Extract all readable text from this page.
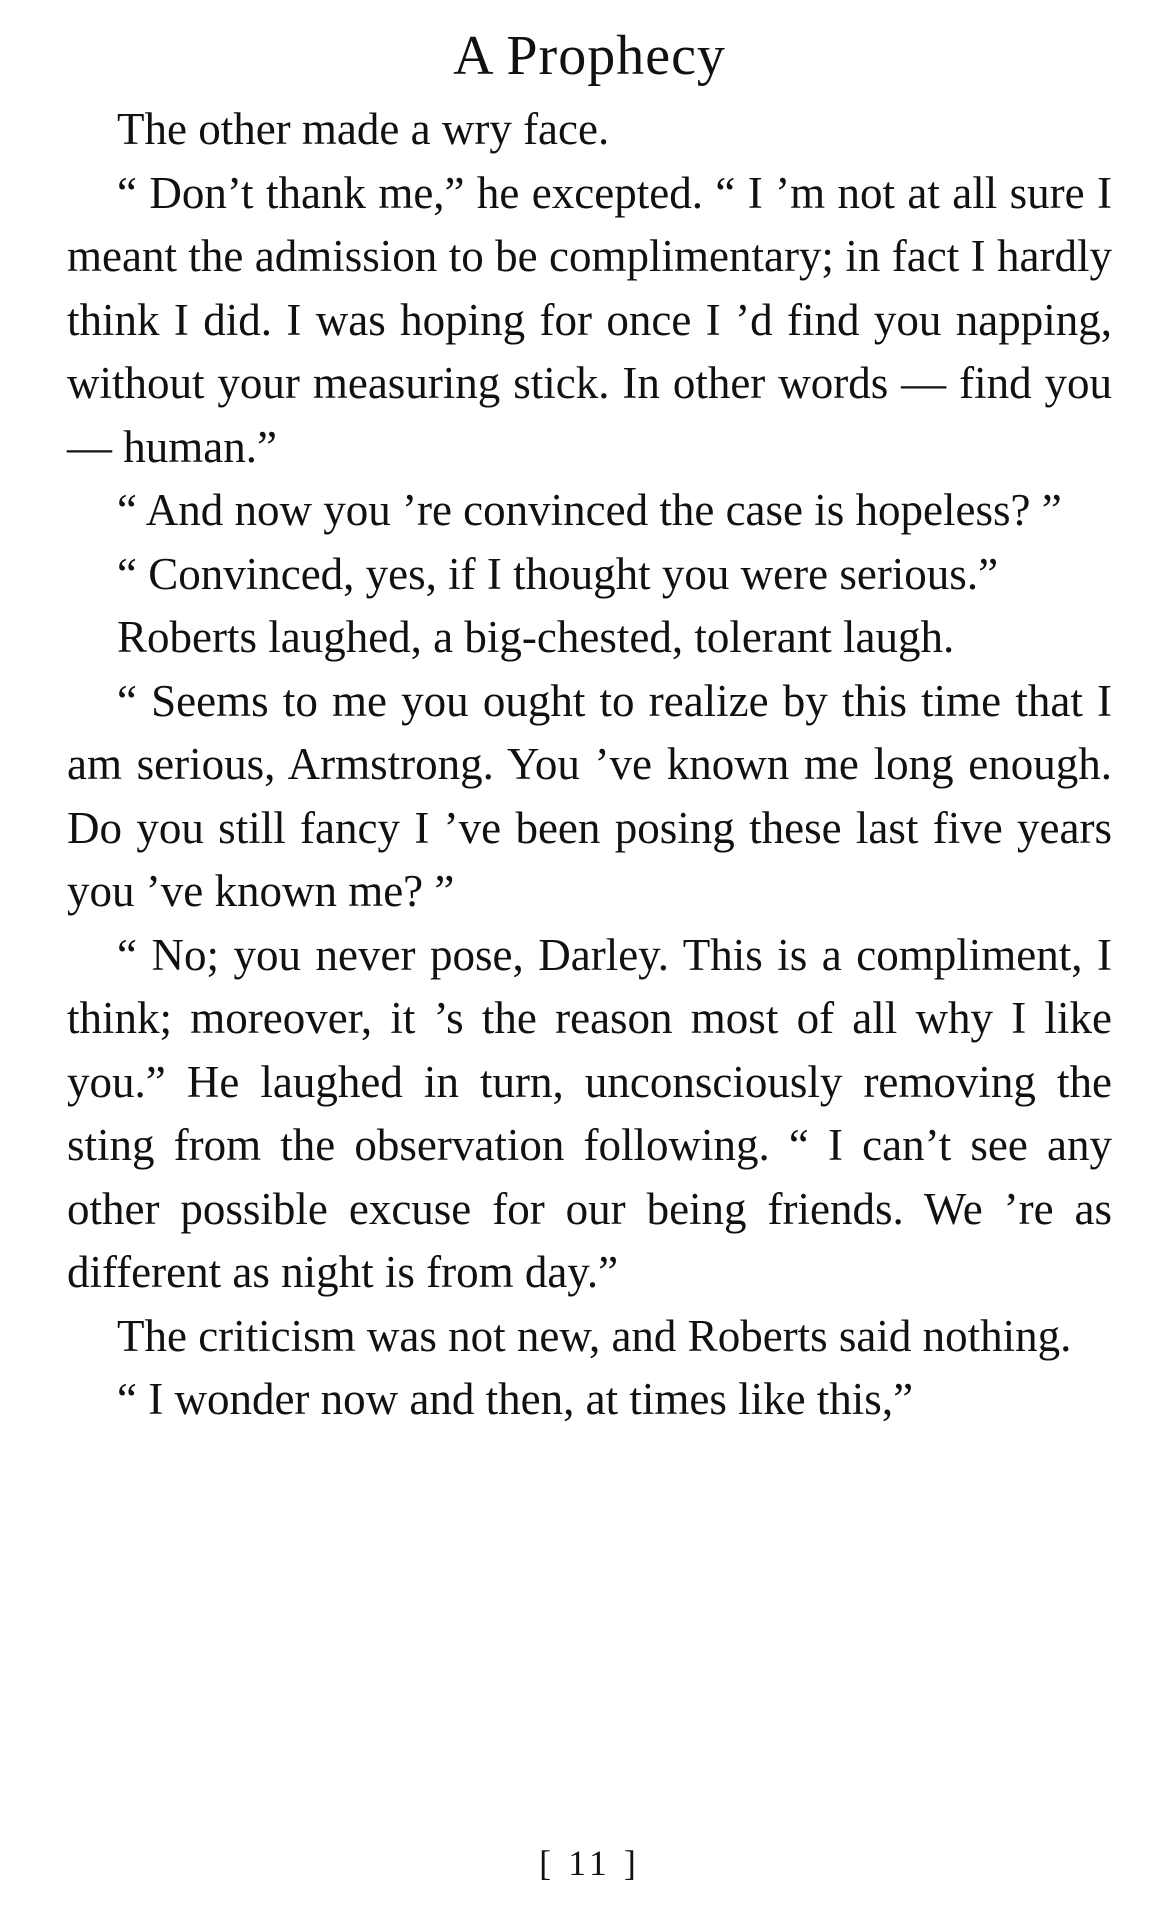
A Prophecy

The other made a wry face.

“ Don’t thank me,” he excepted. “ I ’m not at all sure I meant the admission to be complimentary; in fact I hardly think I did. I was hoping for once I ’d find you napping, without your measuring stick. In other words — find you — human.”

“ And now you ’re convinced the case is hopeless? ”

“ Convinced, yes, if I thought you were serious.”

Roberts laughed, a big-chested, tolerant laugh.

“ Seems to me you ought to realize by this time that I am serious, Armstrong. You ’ve known me long enough. Do you still fancy I ’ve been posing these last five years you ’ve known me? ”

“ No; you never pose, Darley. This is a compliment, I think; moreover, it ’s the reason most of all why I like you.” He laughed in turn, unconsciously removing the sting from the observation following. “ I can’t see any other possible excuse for our being friends. We ’re as different as night is from day.”

The criticism was not new, and Roberts said nothing.

“ I wonder now and then, at times like this,”

[ 11 ]
